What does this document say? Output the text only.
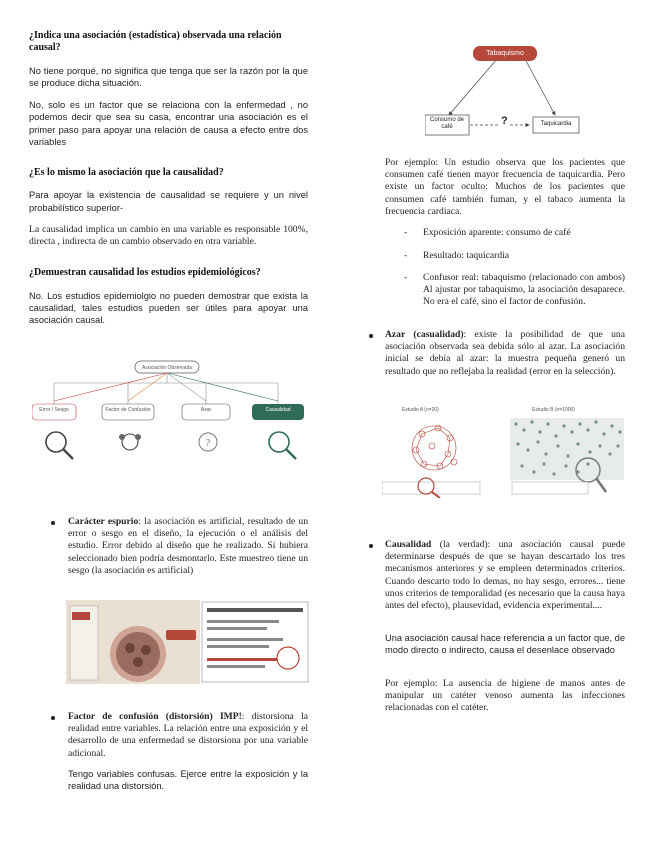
¿Indica una asociación (estadística) observada una relación causal?

No tiene porqué, no significa que tenga que ser la razón por la que se produce dicha situación.

No, solo es un factor que se relaciona con la enfermedad , no podemos decir que sea su casa, encontrar una asociación es el primer paso para apoyar una relación de causa a efecto entre dos variables

¿Es lo mismo la asociación que la causalidad?

Para apoyar la existencia de causalidad se requiere y un nivel probabilístico superior-

La causalidad implica un cambio en una variable es responsable 100%, directa , indirecta de un cambio observado en otra variable.

¿Demuestran causalidad los estudios epidemiológicos?

No. Los estudios epidemiolgio no pueden demostrar que exista la causalidad, tales estudios pueden ser útiles para apoyar una asociación causal.

Asociación Observada
Error / Sesgo	Factor de Confusión	Azar	Causalidad
?
Carácter espurio: la asociación es artificial, resultado de un error o sesgo en el diseño, la ejecución o el análisis del estudio. Error debido al diseño que he realizado. Si hubiera seleccionado bien podría desmontarlo. Este muestreo tiene un sesgo (la asociación es artificial)
Factor de confusión (distorsión) IMP!: distorsiona la realidad entre variables. La relación entre una exposición y el desarrollo de una enfermedad se distorsiona por una variable adicional.

Tengo variables confusas. Ejerce entre la exposición y la realidad una distorsión.

Tabaquismo
Consumo de café	?	Taquicardia

Por ejemplo: Un estudio observa que los pacientes que consumen café tienen mayor frecuencia de taquicardia. Pero existe un factor oculto: Muchos de los pacientes que consumen café también fuman, y el tabaco aumenta la frecuencia cardiaca.

- Exposición aparente: consumo de café

- Resultado: taquicardia

- Confusor real: tabaquismo (relacionado con ambos) Al ajustar por tabaquismo, la asociación desaparece. No era el café, sino el factor de confusión.

Azar (casualidad): existe la posibilidad de que una asociación observada sea debida sólo al azar. La asociación inicial se debía al azar: la muestra pequeña generó un resultado que no reflejaba la realidad (error en la selección).
Estudio A (n=20)	Estudio B (n=1000)
Causalidad (la verdad): una asociación causal puede determinarse después de que se hayan descartado los tres mecanismos anteriores y se empleen determinados criterios. Cuando descarto todo lo demas, no hay sesgo, errores... tiene unos criterios de temporalidad (es necesario que la causa haya antes del efecto), plausevidad, evidencia experimental....

Una asociación causal hace referencia a un factor que, de modo directo o indirecto, causa el desenlace observado

Por ejemplo: La ausencia de higiene de manos antes de manipular un catéter venoso aumenta las infecciones relacionadas con el catéter.
